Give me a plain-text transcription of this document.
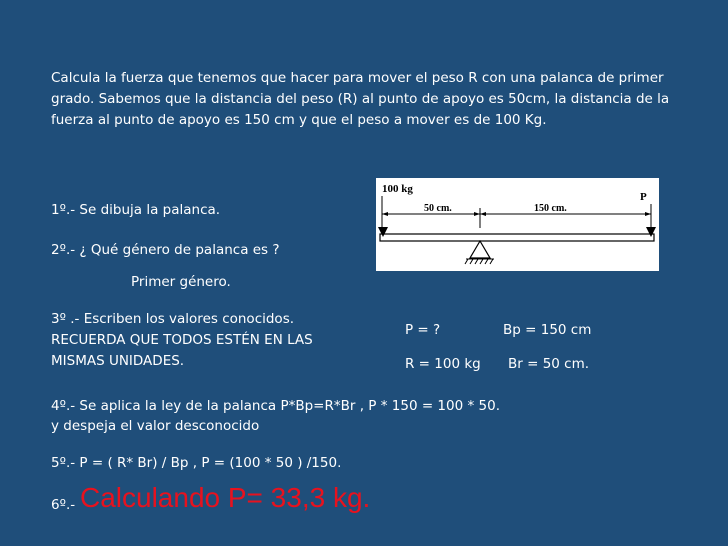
Calcula la fuerza que tenemos que hacer para mover el peso R con una palanca de primer grado. Sabemos que la distancia del peso (R) al punto de apoyo es 50cm, la distancia de la fuerza al punto de apoyo es 150 cm y que el peso a mover es de 100 Kg.
100 kg
P
50 cm.	150 cm.
1º.- Se dibuja la palanca.
2º.- ¿ Qué género de palanca es ?
Primer género.
3º .- Escriben los valores conocidos.
RECUERDA QUE TODOS ESTÉN EN LAS
MISMAS UNIDADES.
P = ?	Bp = 150 cm
R = 100 kg Br = 50 cm.
4º.- Se aplica la ley de la palanca P*Bp=R*Br , P * 150 = 100 * 50.
y despeja el valor desconocido
5º.- P = ( R* Br) / Bp , P = (100 * 50 ) /150.
6º.- Calculando P= 33,3 kg.
